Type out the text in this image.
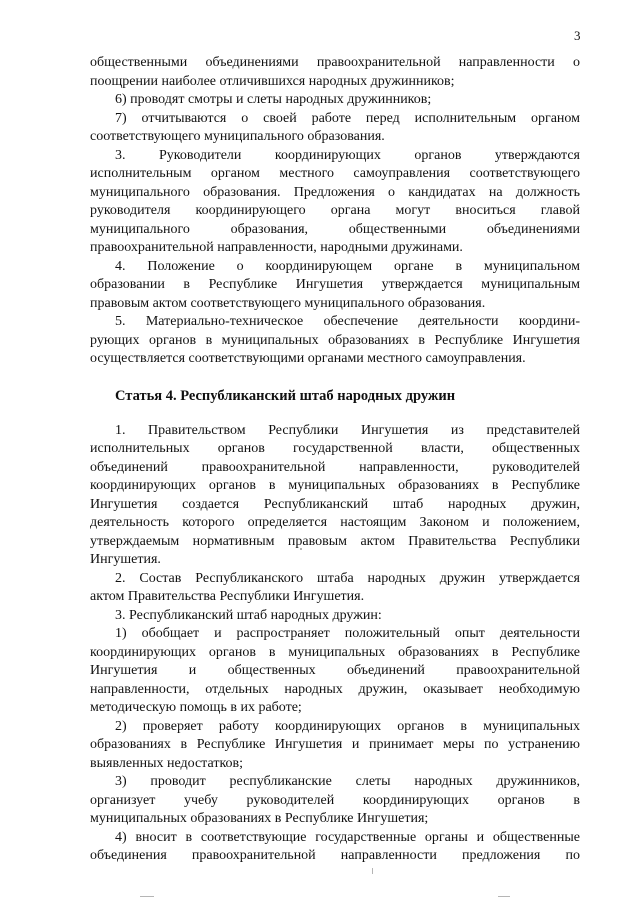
3
общественными объединениями правоохранительной направленности о
поощрении наиболее отличившихся народных дружинников;
6) проводят смотры и слеты народных дружинников;
7) отчитываются о своей работе перед исполнительным органом
соответствующего муниципального образования.
3. Руководители координирующих органов утверждаются
исполнительным органом местного самоуправления соответствующего
муниципального образования. Предложения о кандидатах на должность
руководителя координирующего органа могут вноситься главой
муниципального образования, общественными объединениями
правоохранительной направленности, народными дружинами.
4. Положение о координирующем органе в муниципальном
образовании в Республике Ингушетия утверждается муниципальным
правовым актом соответствующего муниципального образования.
5. Материально-техническое обеспечение деятельности координи-
рующих органов в муниципальных образованиях в Республике Ингушетия
осуществляется соответствующими органами местного самоуправления.
Статья 4. Республиканский штаб народных дружин
1. Правительством Республики Ингушетия из представителей
исполнительных органов государственной власти, общественных
объединений правоохранительной направленности, руководителей
координирующих органов в муниципальных образованиях в Республике
Ингушетия создается Республиканский штаб народных дружин,
деятельность которого определяется настоящим Законом и положением,
утверждаемым нормативным правовым актом Правительства Республики
Ингушетия.
2. Состав Республиканского штаба народных дружин утверждается
актом Правительства Республики Ингушетия.
3. Республиканский штаб народных дружин:
1) обобщает и распространяет положительный опыт деятельности
координирующих органов в муниципальных образованиях в Республике
Ингушетия и общественных объединений правоохранительной
направленности, отдельных народных дружин, оказывает необходимую
методическую помощь в их работе;
2) проверяет работу координирующих органов в муниципальных
образованиях в Республике Ингушетия и принимает меры по устранению
выявленных недостатков;
3) проводит республиканские слеты народных дружинников,
организует учебу руководителей координирующих органов в
муниципальных образованиях в Республике Ингушетия;
4) вносит в соответствующие государственные органы и общественные
объединения правоохранительной направленности предложения по
